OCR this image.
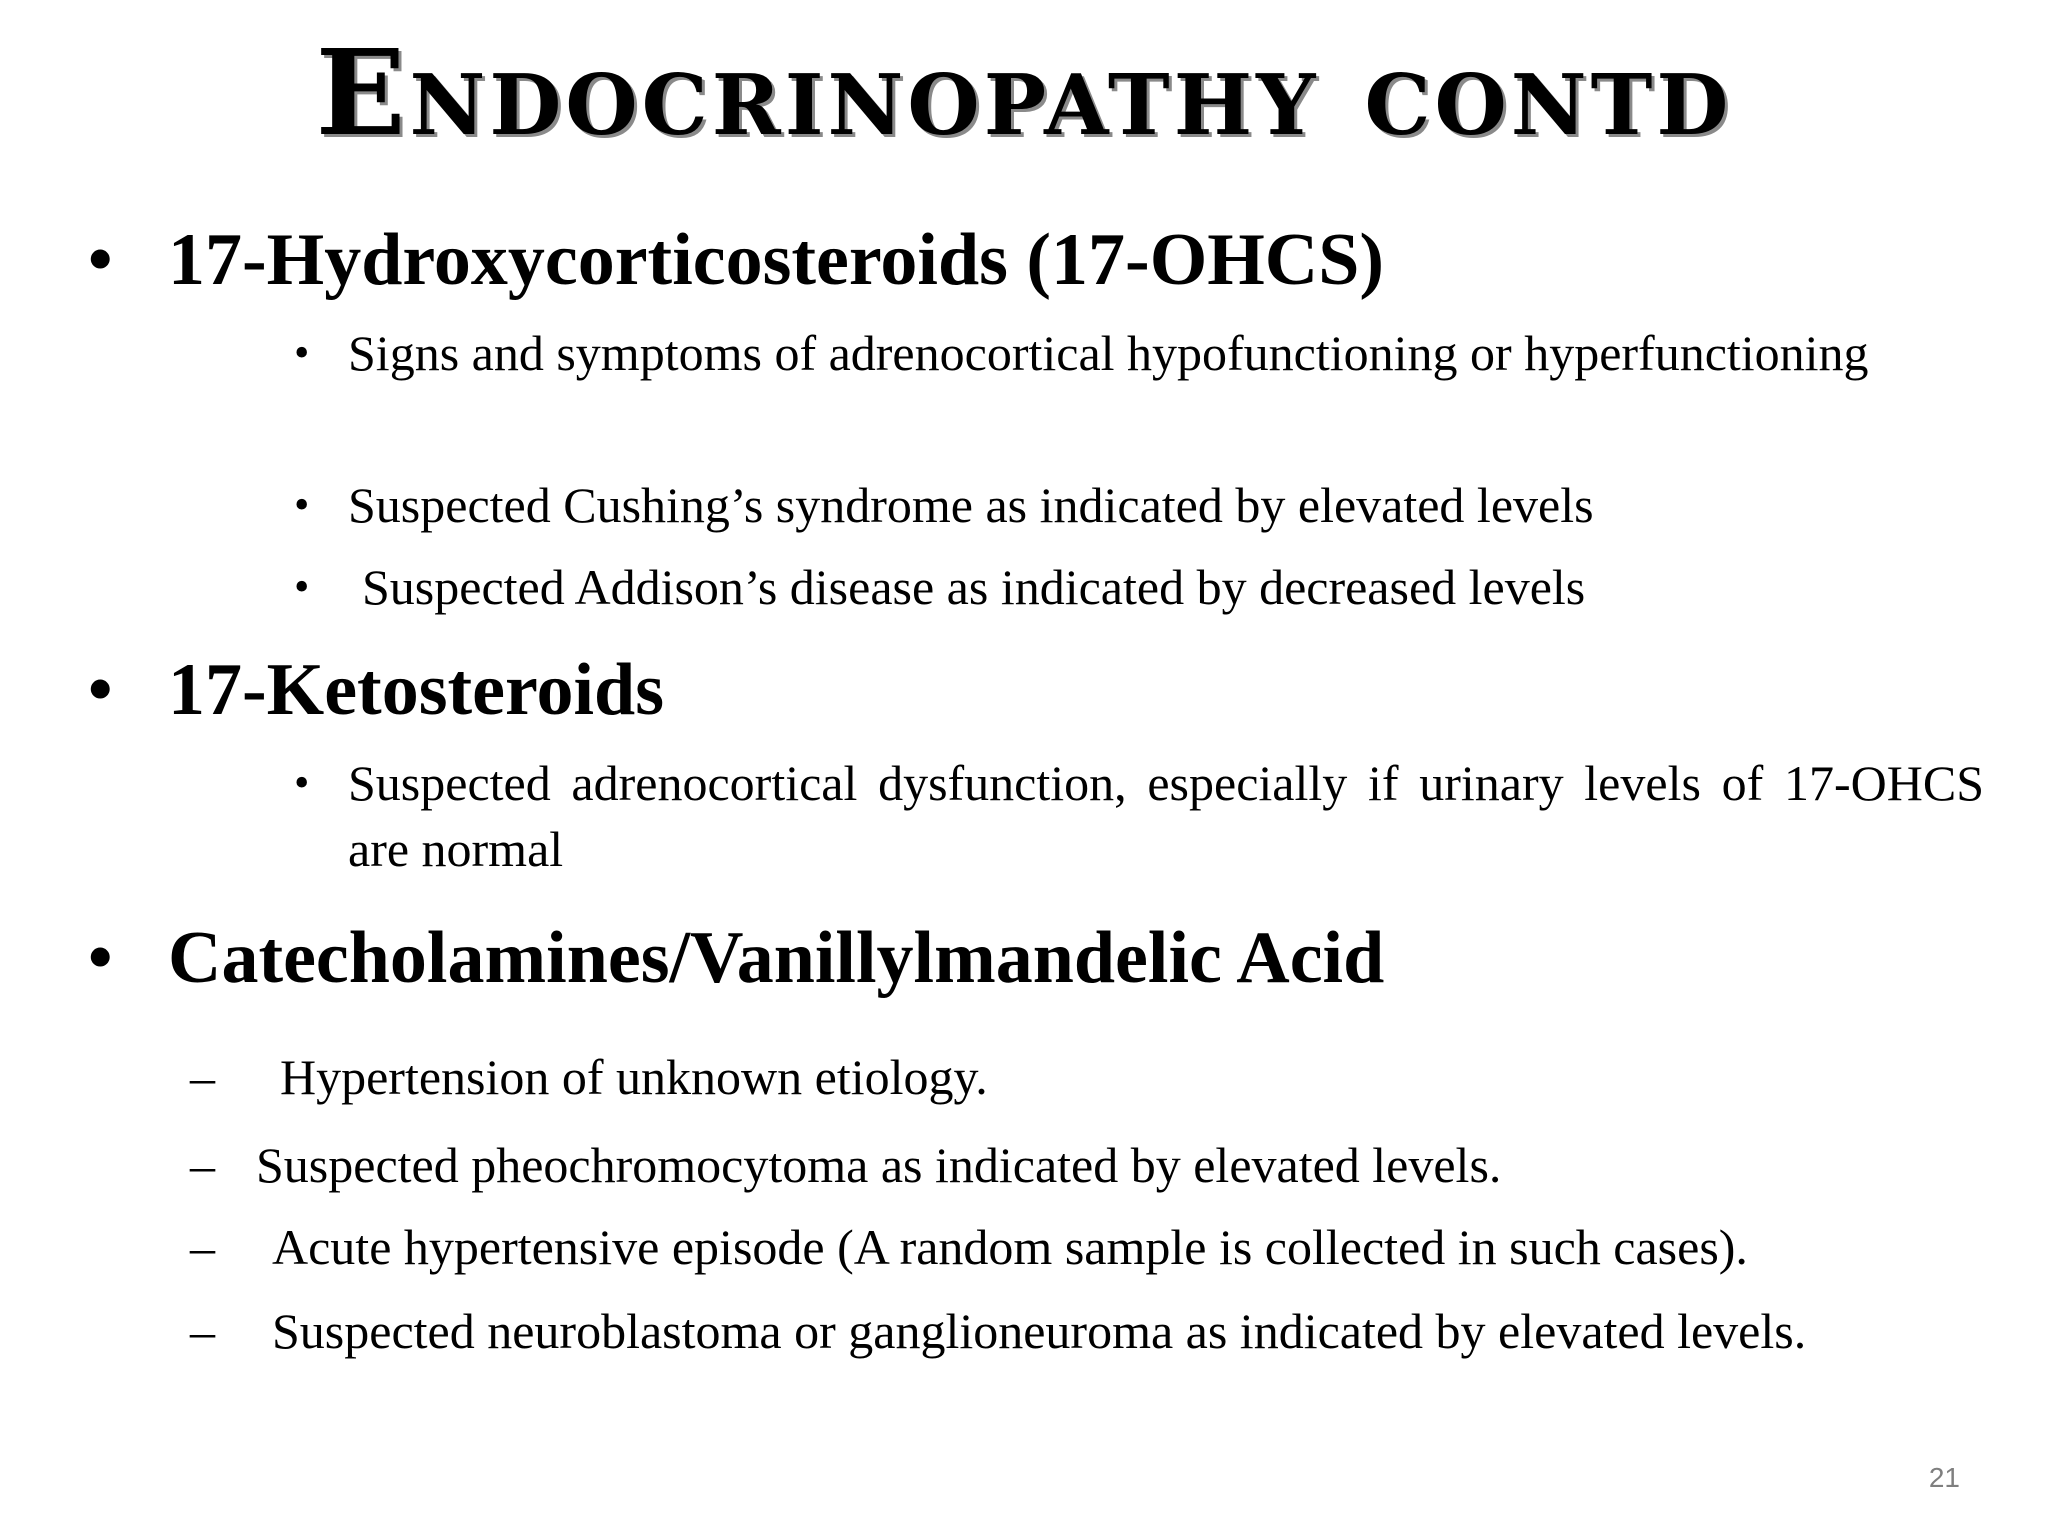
Endocrinopathy contd
• 17-Hydroxycorticosteroids (17-OHCS)
• Signs and symptoms of adrenocortical hypofunctioning or hyperfunctioning
• Suspected Cushing’s syndrome as indicated by elevated levels
• Suspected Addison’s disease as indicated by decreased levels
• 17-Ketosteroids
• Suspected adrenocortical dysfunction, especially if urinary levels of 17-OHCS are normal
• Catecholamines/Vanillylmandelic Acid
– Hypertension of unknown etiology.
– Suspected pheochromocytoma as indicated by elevated levels.
– Acute hypertensive episode (A random sample is collected in such cases).
– Suspected neuroblastoma or ganglioneuroma as indicated by elevated levels.
21
